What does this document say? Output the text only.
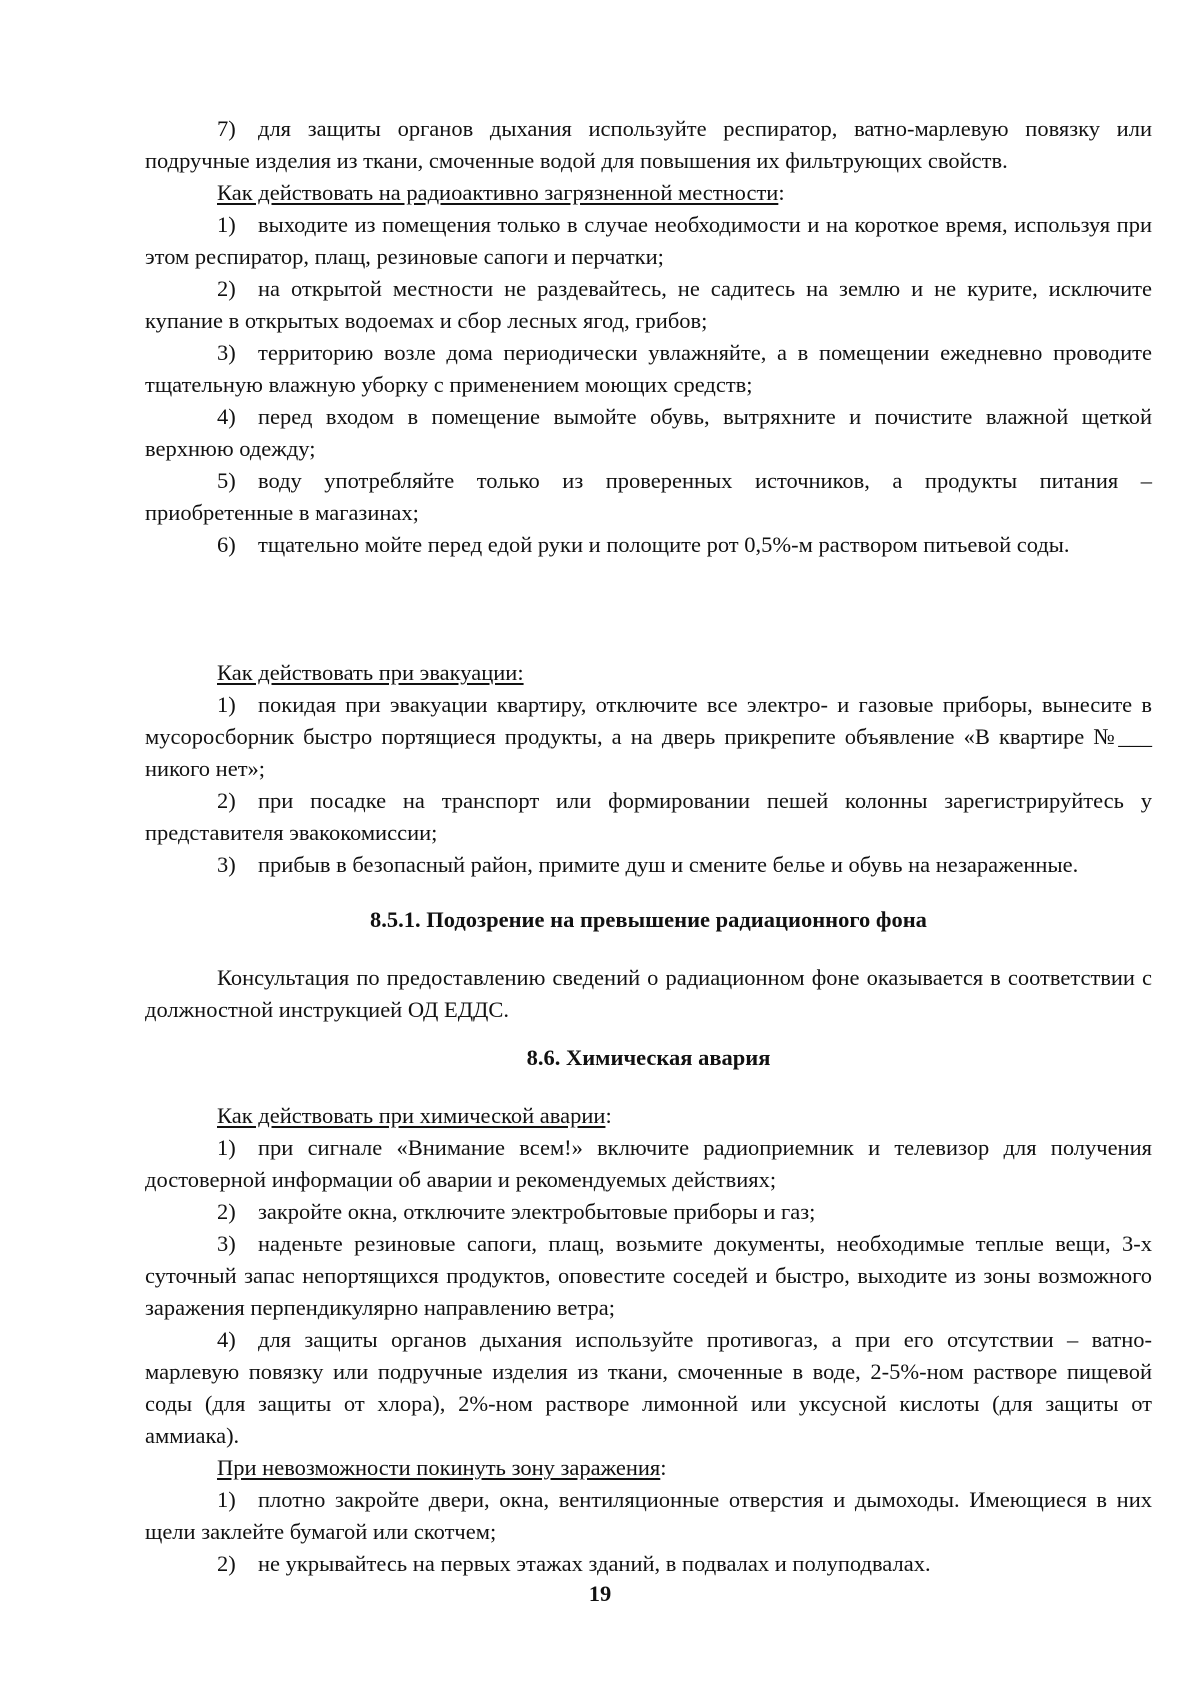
7) для защиты органов дыхания используйте респиратор, ватно-марлевую повязку или подручные изделия из ткани, смоченные водой для повышения их фильтрующих свойств.

Как действовать на радиоактивно загрязненной местности:

1) выходите из помещения только в случае необходимости и на короткое время, используя при этом респиратор, плащ, резиновые сапоги и перчатки;

2) на открытой местности не раздевайтесь, не садитесь на землю и не курите, исключите купание в открытых водоемах и сбор лесных ягод, грибов;

3) территорию возле дома периодически увлажняйте, а в помещении ежедневно проводите тщательную влажную уборку с применением моющих средств;

4) перед входом в помещение вымойте обувь, вытряхните и почистите влажной щеткой верхнюю одежду;

5) воду употребляйте только из проверенных источников, а продукты питания – приобретенные в магазинах;

6) тщательно мойте перед едой руки и полощите рот 0,5%-м раствором питьевой соды.

Как действовать при эвакуации:

1) покидая при эвакуации квартиру, отключите все электро- и газовые приборы, вынесите в мусоросборник быстро портящиеся продукты, а на дверь прикрепите объявление «В квартире №___ никого нет»;

2) при посадке на транспорт или формировании пешей колонны зарегистрируйтесь у представителя эвакокомиссии;

3) прибыв в безопасный район, примите душ и смените белье и обувь на незараженные.

8.5.1. Подозрение на превышение радиационного фона

Консультация по предоставлению сведений о радиационном фоне оказывается в соответствии с должностной инструкцией ОД ЕДДС.

8.6. Химическая авария

Как действовать при химической аварии:

1) при сигнале «Внимание всем!» включите радиоприемник и телевизор для получения достоверной информации об аварии и рекомендуемых действиях;

2) закройте окна, отключите электробытовые приборы и газ;

3) наденьте резиновые сапоги, плащ, возьмите документы, необходимые теплые вещи, 3-х суточный запас непортящихся продуктов, оповестите соседей и быстро, выходите из зоны возможного заражения перпендикулярно направлению ветра;

4) для защиты органов дыхания используйте противогаз, а при его отсутствии – ватно-марлевую повязку или подручные изделия из ткани, смоченные в воде, 2-5%-ном растворе пищевой соды (для защиты от хлора), 2%-ном растворе лимонной или уксусной кислоты (для защиты от аммиака).

При невозможности покинуть зону заражения:

1) плотно закройте двери, окна, вентиляционные отверстия и дымоходы. Имеющиеся в них щели заклейте бумагой или скотчем;

2) не укрывайтесь на первых этажах зданий, в подвалах и полуподвалах.

19
